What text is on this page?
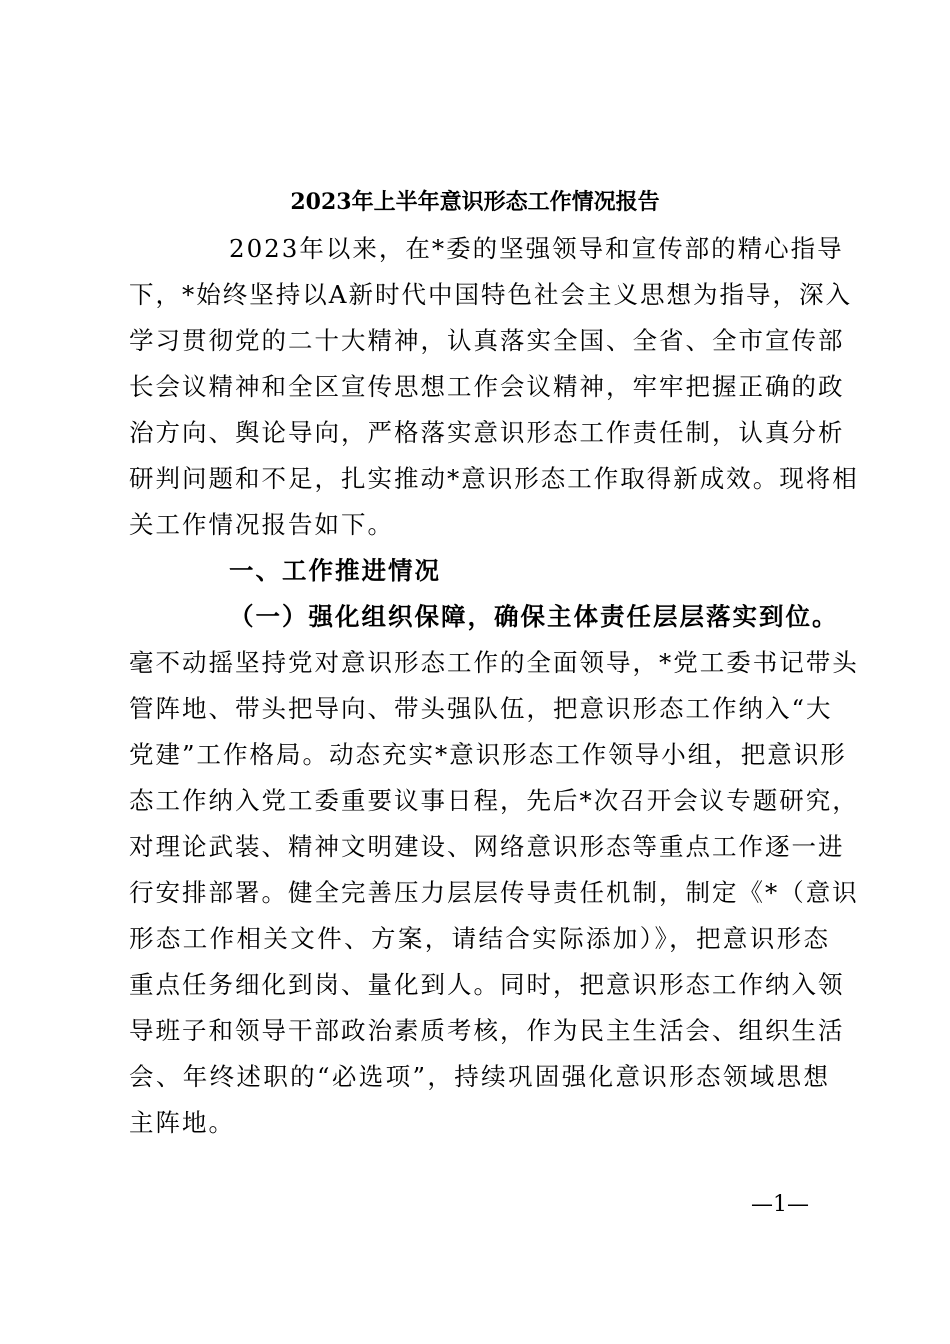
2023年上半年意识形态工作情况报告
2023年以来，在*委的坚强领导和宣传部的精心指导
下，*始终坚持以A新时代中国特色社会主义思想为指导，深入
学习贯彻党的二十大精神，认真落实全国、全省、全市宣传部
长会议精神和全区宣传思想工作会议精神，牢牢把握正确的政
治方向、舆论导向，严格落实意识形态工作责任制，认真分析
研判问题和不足，扎实推动*意识形态工作取得新成效。现将相
关工作情况报告如下。
一、工作推进情况
（一）强化组织保障，确保主体责任层层落实到位。
毫不动摇坚持党对意识形态工作的全面领导，*党工委书记带头
管阵地、带头把导向、带头强队伍，把意识形态工作纳入“大
党建”工作格局。动态充实*意识形态工作领导小组，把意识形
态工作纳入党工委重要议事日程，先后*次召开会议专题研究，
对理论武装、精神文明建设、网络意识形态等重点工作逐一进
行安排部署。健全完善压力层层传导责任机制，制定《*（意识
形态工作相关文件、方案，请结合实际添加）》，把意识形态
重点任务细化到岗、量化到人。同时，把意识形态工作纳入领
导班子和领导干部政治素质考核，作为民主生活会、组织生活
会、年终述职的“必选项”，持续巩固强化意识形态领域思想
主阵地。
—1—
